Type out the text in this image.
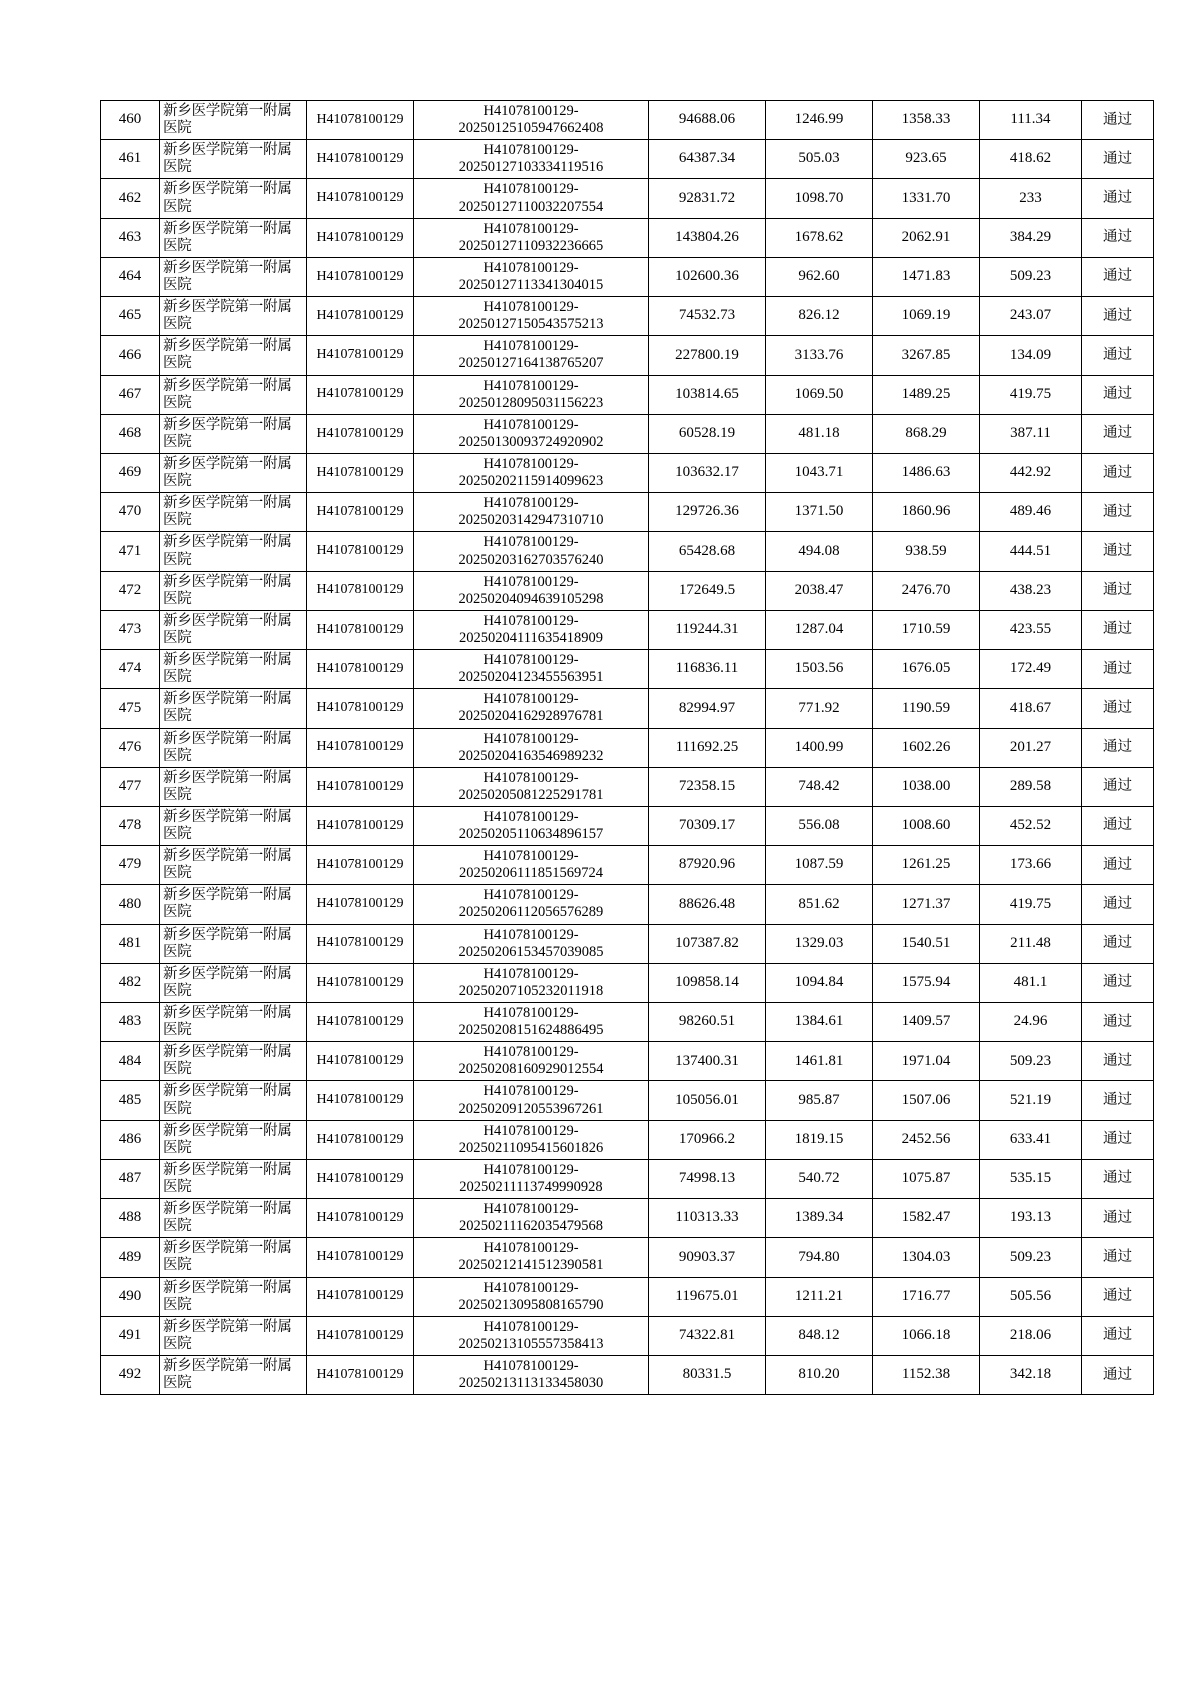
460	新乡医学院第一附属医院	H41078100129	H41078100129-
20250125105947662408	94688.06	1246.99	1358.33	111.34	通过
461	新乡医学院第一附属医院	H41078100129	H41078100129-
20250127103334119516	64387.34	505.03	923.65	418.62	通过
462	新乡医学院第一附属医院	H41078100129	H41078100129-
20250127110032207554	92831.72	1098.70	1331.70	233	通过
463	新乡医学院第一附属医院	H41078100129	H41078100129-
20250127110932236665	143804.26	1678.62	2062.91	384.29	通过
464	新乡医学院第一附属医院	H41078100129	H41078100129-
20250127113341304015	102600.36	962.60	1471.83	509.23	通过
465	新乡医学院第一附属医院	H41078100129	H41078100129-
20250127150543575213	74532.73	826.12	1069.19	243.07	通过
466	新乡医学院第一附属医院	H41078100129	H41078100129-
20250127164138765207	227800.19	3133.76	3267.85	134.09	通过
467	新乡医学院第一附属医院	H41078100129	H41078100129-
20250128095031156223	103814.65	1069.50	1489.25	419.75	通过
468	新乡医学院第一附属医院	H41078100129	H41078100129-
20250130093724920902	60528.19	481.18	868.29	387.11	通过
469	新乡医学院第一附属医院	H41078100129	H41078100129-
20250202115914099623	103632.17	1043.71	1486.63	442.92	通过
470	新乡医学院第一附属医院	H41078100129	H41078100129-
20250203142947310710	129726.36	1371.50	1860.96	489.46	通过
471	新乡医学院第一附属医院	H41078100129	H41078100129-
20250203162703576240	65428.68	494.08	938.59	444.51	通过
472	新乡医学院第一附属医院	H41078100129	H41078100129-
20250204094639105298	172649.5	2038.47	2476.70	438.23	通过
473	新乡医学院第一附属医院	H41078100129	H41078100129-
20250204111635418909	119244.31	1287.04	1710.59	423.55	通过
474	新乡医学院第一附属医院	H41078100129	H41078100129-
20250204123455563951	116836.11	1503.56	1676.05	172.49	通过
475	新乡医学院第一附属医院	H41078100129	H41078100129-
20250204162928976781	82994.97	771.92	1190.59	418.67	通过
476	新乡医学院第一附属医院	H41078100129	H41078100129-
20250204163546989232	111692.25	1400.99	1602.26	201.27	通过
477	新乡医学院第一附属医院	H41078100129	H41078100129-
20250205081225291781	72358.15	748.42	1038.00	289.58	通过
478	新乡医学院第一附属医院	H41078100129	H41078100129-
20250205110634896157	70309.17	556.08	1008.60	452.52	通过
479	新乡医学院第一附属医院	H41078100129	H41078100129-
20250206111851569724	87920.96	1087.59	1261.25	173.66	通过
480	新乡医学院第一附属医院	H41078100129	H41078100129-
20250206112056576289	88626.48	851.62	1271.37	419.75	通过
481	新乡医学院第一附属医院	H41078100129	H41078100129-
20250206153457039085	107387.82	1329.03	1540.51	211.48	通过
482	新乡医学院第一附属医院	H41078100129	H41078100129-
20250207105232011918	109858.14	1094.84	1575.94	481.1	通过
483	新乡医学院第一附属医院	H41078100129	H41078100129-
20250208151624886495	98260.51	1384.61	1409.57	24.96	通过
484	新乡医学院第一附属医院	H41078100129	H41078100129-
20250208160929012554	137400.31	1461.81	1971.04	509.23	通过
485	新乡医学院第一附属医院	H41078100129	H41078100129-
20250209120553967261	105056.01	985.87	1507.06	521.19	通过
486	新乡医学院第一附属医院	H41078100129	H41078100129-
20250211095415601826	170966.2	1819.15	2452.56	633.41	通过
487	新乡医学院第一附属医院	H41078100129	H41078100129-
20250211113749990928	74998.13	540.72	1075.87	535.15	通过
488	新乡医学院第一附属医院	H41078100129	H41078100129-
20250211162035479568	110313.33	1389.34	1582.47	193.13	通过
489	新乡医学院第一附属医院	H41078100129	H41078100129-
20250212141512390581	90903.37	794.80	1304.03	509.23	通过
490	新乡医学院第一附属医院	H41078100129	H41078100129-
20250213095808165790	119675.01	1211.21	1716.77	505.56	通过
491	新乡医学院第一附属医院	H41078100129	H41078100129-
20250213105557358413	74322.81	848.12	1066.18	218.06	通过
492	新乡医学院第一附属医院	H41078100129	H41078100129-
20250213113133458030	80331.5	810.20	1152.38	342.18	通过
